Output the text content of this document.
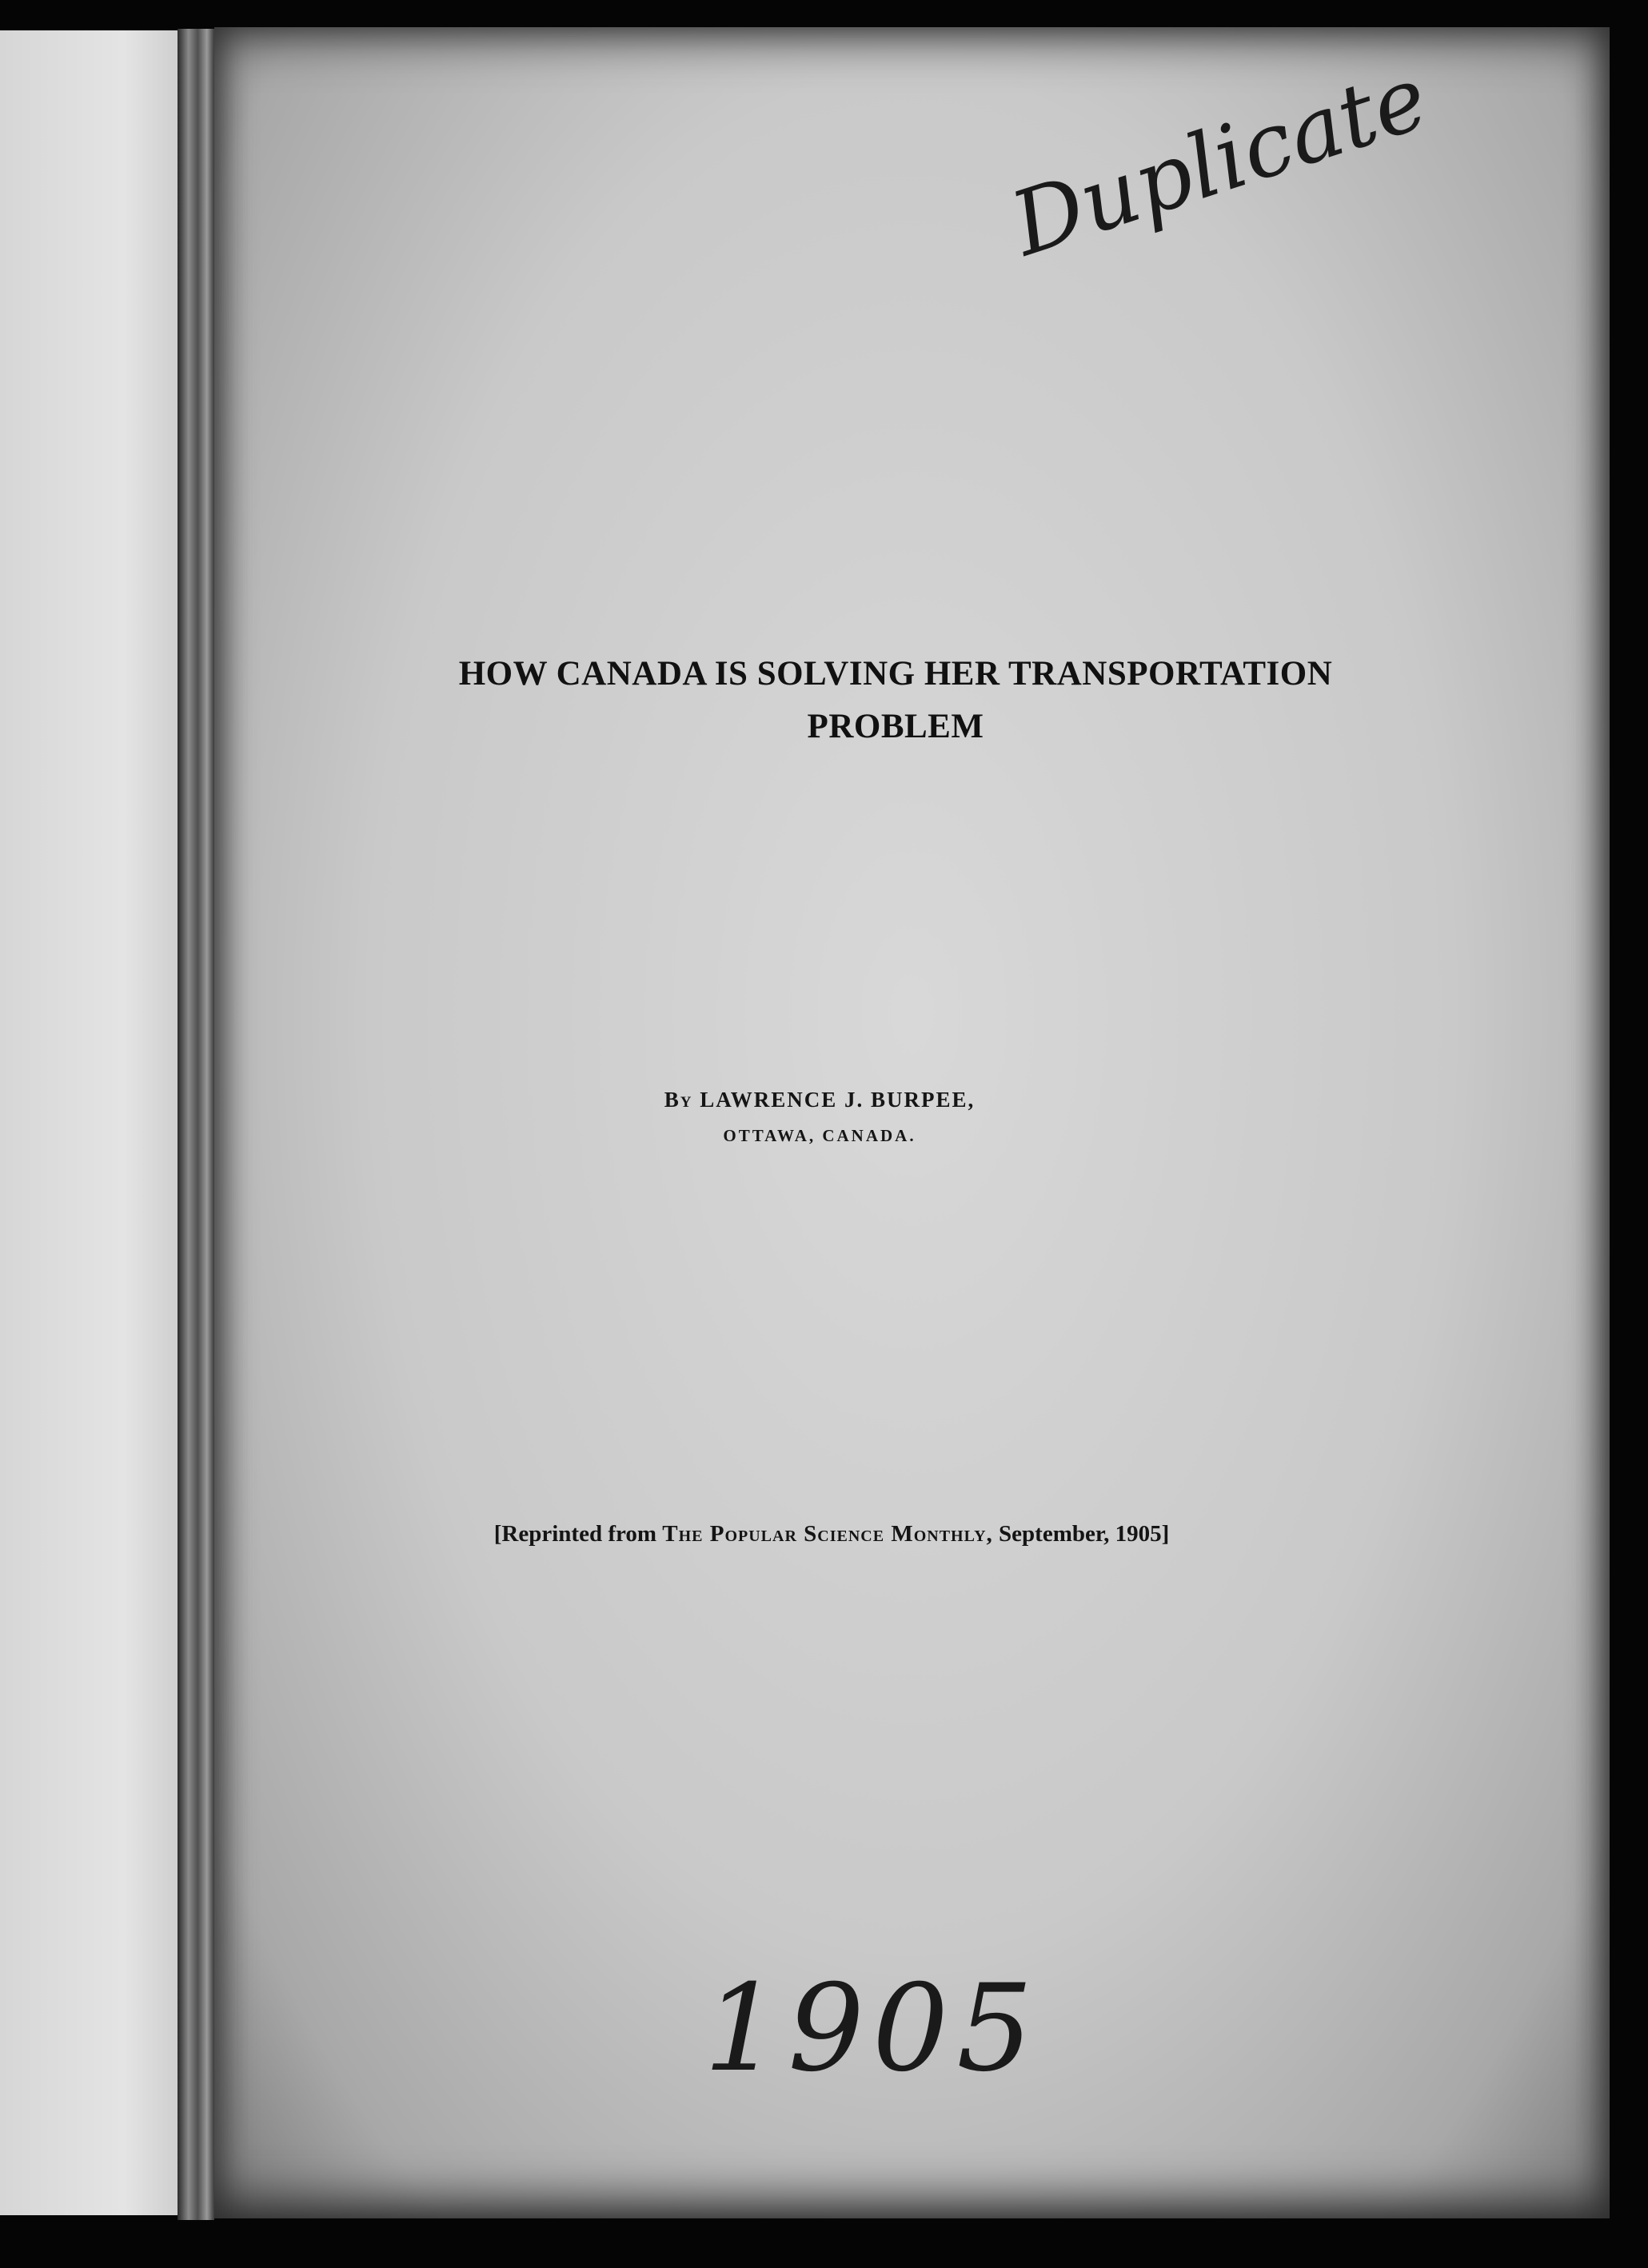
Duplicate
HOW CANADA IS SOLVING HER TRANSPORTATION
PROBLEM
By LAWRENCE J. BURPEE,
OTTAWA, CANADA.
[Reprinted from The Popular Science Monthly, September, 1905]
1905
